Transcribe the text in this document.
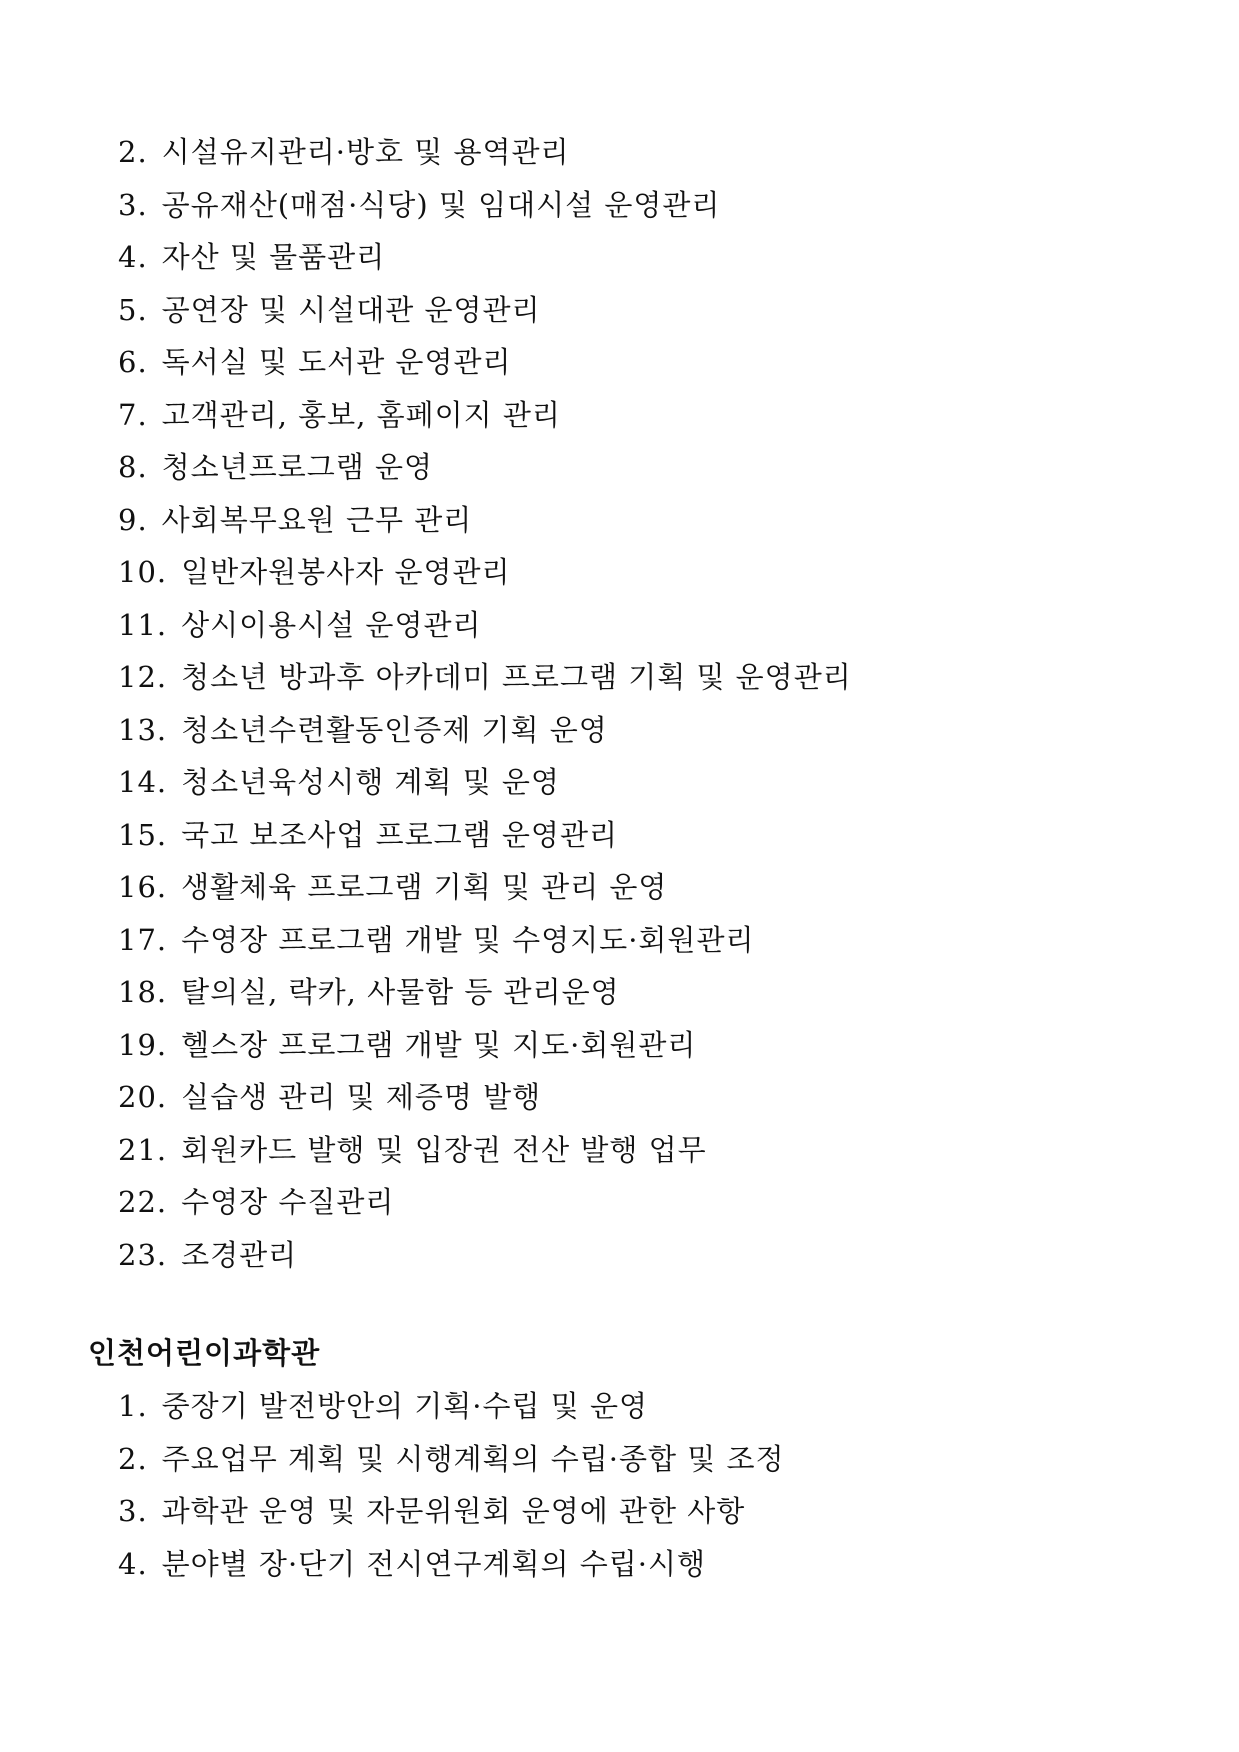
2. 시설유지관리·방호 및 용역관리
3. 공유재산(매점·식당) 및 임대시설 운영관리
4. 자산 및 물품관리
5. 공연장 및 시설대관 운영관리
6. 독서실 및 도서관 운영관리
7. 고객관리, 홍보, 홈페이지 관리
8. 청소년프로그램 운영
9. 사회복무요원 근무 관리
10. 일반자원봉사자 운영관리
11. 상시이용시설 운영관리
12. 청소년 방과후 아카데미 프로그램 기획 및 운영관리
13. 청소년수련활동인증제 기획 운영
14. 청소년육성시행 계획 및 운영
15. 국고 보조사업 프로그램 운영관리
16. 생활체육 프로그램 기획 및 관리 운영
17. 수영장 프로그램 개발 및 수영지도·회원관리
18. 탈의실, 락카, 사물함 등 관리운영
19. 헬스장 프로그램 개발 및 지도·회원관리
20. 실습생 관리 및 제증명 발행
21. 회원카드 발행 및 입장권 전산 발행 업무
22. 수영장 수질관리
23. 조경관리
인천어린이과학관
1. 중장기 발전방안의 기획·수립 및 운영
2. 주요업무 계획 및 시행계획의 수립·종합 및 조정
3. 과학관 운영 및 자문위원회 운영에 관한 사항
4. 분야별 장·단기 전시연구계획의 수립·시행
